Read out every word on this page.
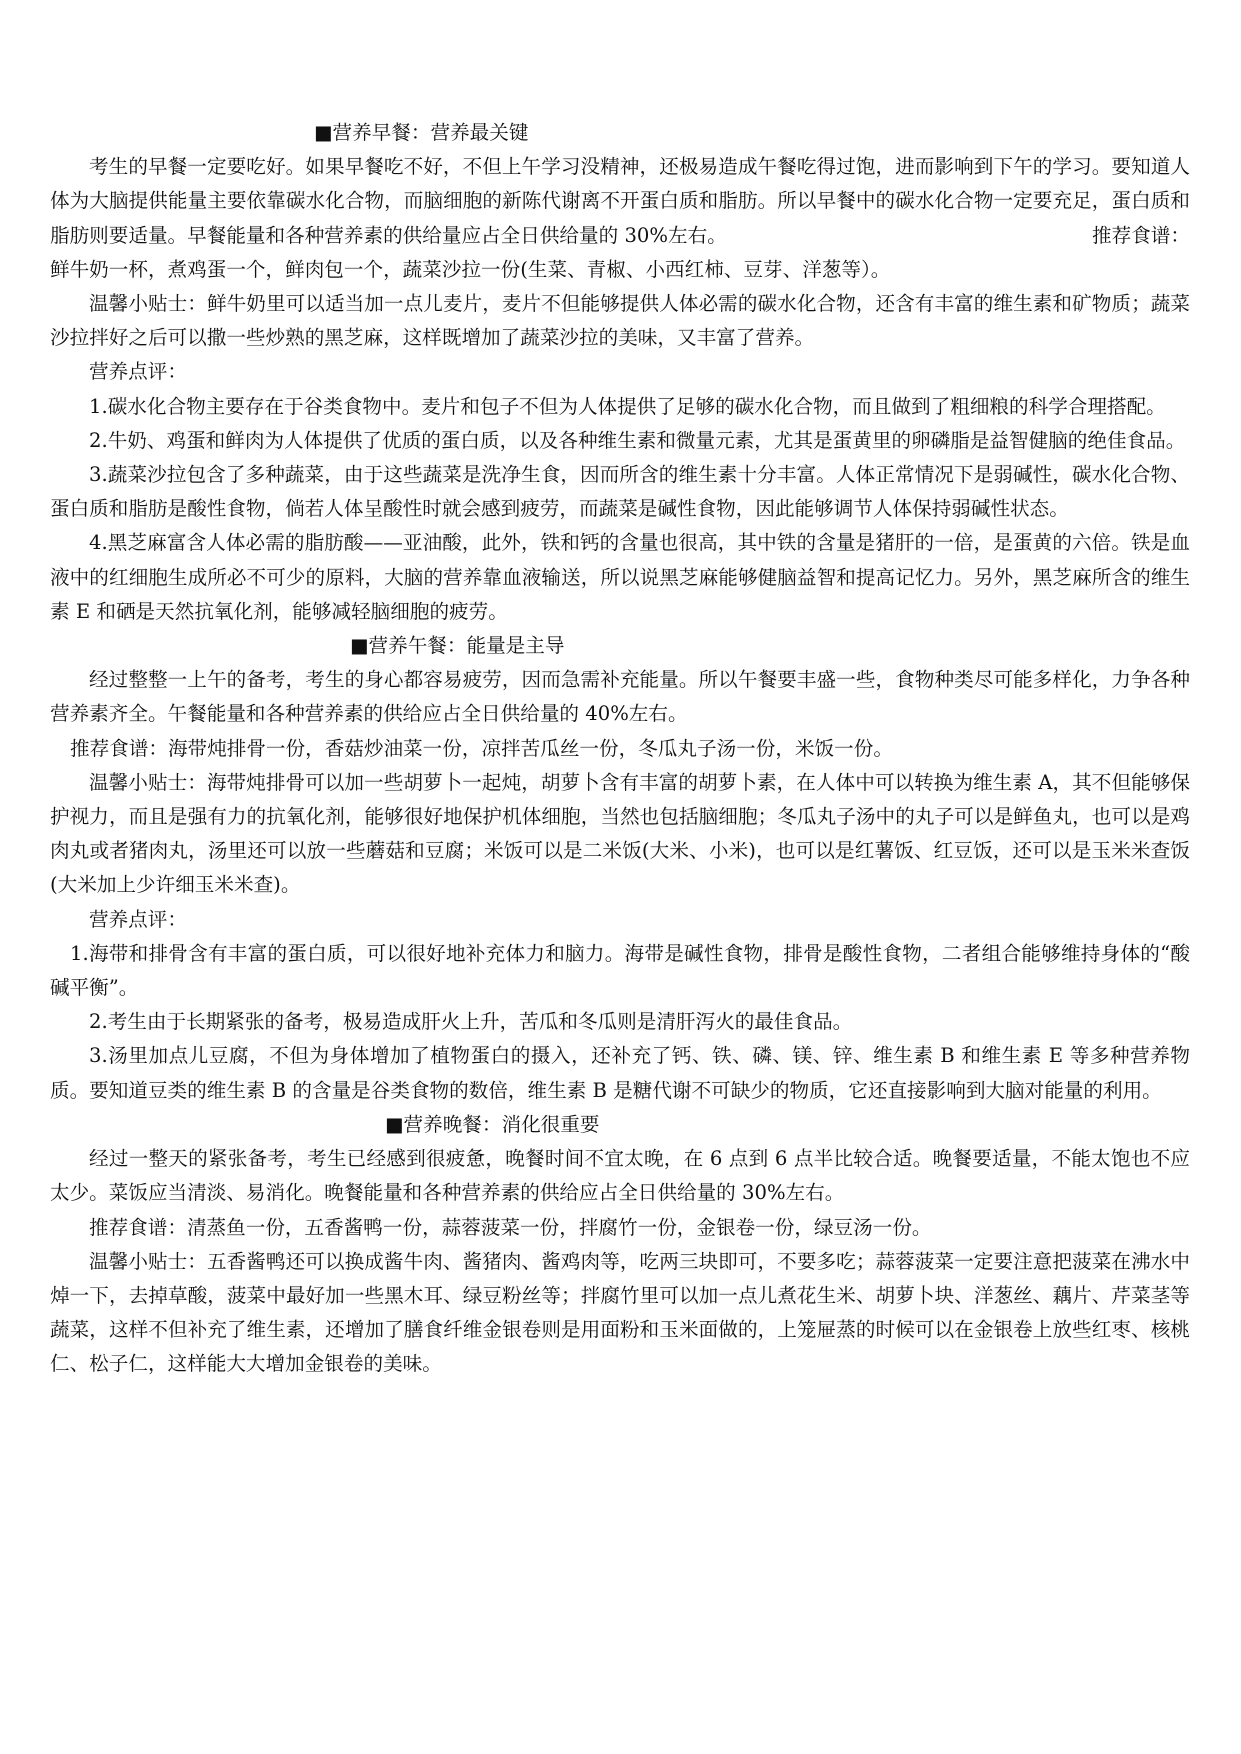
■营养早餐：营养最关键

考生的早餐一定要吃好。如果早餐吃不好，不但上午学习没精神，还极易造成午餐吃得过饱，进而影响到下午的学习。要知道人体为大脑提供能量主要依靠碳水化合物，而脑细胞的新陈代谢离不开蛋白质和脂肪。所以早餐中的碳水化合物一定要充足，蛋白质和脂肪则要适量。早餐能量和各种营养素的供给量应占全日供给量的 30%左右。	推荐食谱：

鲜牛奶一杯，煮鸡蛋一个，鲜肉包一个，蔬菜沙拉一份(生菜、青椒、小西红柿、豆芽、洋葱等）。

温馨小贴士：鲜牛奶里可以适当加一点儿麦片，麦片不但能够提供人体必需的碳水化合物，还含有丰富的维生素和矿物质；蔬菜沙拉拌好之后可以撒一些炒熟的黑芝麻，这样既增加了蔬菜沙拉的美味，又丰富了营养。

营养点评：

1.碳水化合物主要存在于谷类食物中。麦片和包子不但为人体提供了足够的碳水化合物，而且做到了粗细粮的科学合理搭配。

2.牛奶、鸡蛋和鲜肉为人体提供了优质的蛋白质，以及各种维生素和微量元素，尤其是蛋黄里的卵磷脂是益智健脑的绝佳食品。

3.蔬菜沙拉包含了多种蔬菜，由于这些蔬菜是洗净生食，因而所含的维生素十分丰富。人体正常情况下是弱碱性，碳水化合物、蛋白质和脂肪是酸性食物，倘若人体呈酸性时就会感到疲劳，而蔬菜是碱性食物，因此能够调节人体保持弱碱性状态。

4.黑芝麻富含人体必需的脂肪酸——亚油酸，此外，铁和钙的含量也很高，其中铁的含量是猪肝的一倍，是蛋黄的六倍。铁是血液中的红细胞生成所必不可少的原料，大脑的营养靠血液输送，所以说黑芝麻能够健脑益智和提高记忆力。另外，黑芝麻所含的维生素 E 和硒是天然抗氧化剂，能够减轻脑细胞的疲劳。

■营养午餐：能量是主导

经过整整一上午的备考，考生的身心都容易疲劳，因而急需补充能量。所以午餐要丰盛一些，食物种类尽可能多样化，力争各种营养素齐全。午餐能量和各种营养素的供给应占全日供给量的 40%左右。

推荐食谱：海带炖排骨一份，香菇炒油菜一份，凉拌苦瓜丝一份，冬瓜丸子汤一份，米饭一份。

温馨小贴士：海带炖排骨可以加一些胡萝卜一起炖，胡萝卜含有丰富的胡萝卜素，在人体中可以转换为维生素 A，其不但能够保护视力，而且是强有力的抗氧化剂，能够很好地保护机体细胞，当然也包括脑细胞；冬瓜丸子汤中的丸子可以是鲜鱼丸，也可以是鸡肉丸或者猪肉丸，汤里还可以放一些蘑菇和豆腐；米饭可以是二米饭(大米、小米)，也可以是红薯饭、红豆饭，还可以是玉米米查饭(大米加上少许细玉米米查)。

营养点评：

1.海带和排骨含有丰富的蛋白质，可以很好地补充体力和脑力。海带是碱性食物，排骨是酸性食物，二者组合能够维持身体的“酸碱平衡”。

2.考生由于长期紧张的备考，极易造成肝火上升，苦瓜和冬瓜则是清肝泻火的最佳食品。

3.汤里加点儿豆腐，不但为身体增加了植物蛋白的摄入，还补充了钙、铁、磷、镁、锌、维生素 B 和维生素 E 等多种营养物质。要知道豆类的维生素 B 的含量是谷类食物的数倍，维生素 B 是糖代谢不可缺少的物质，它还直接影响到大脑对能量的利用。

■营养晚餐：消化很重要

经过一整天的紧张备考，考生已经感到很疲惫，晚餐时间不宜太晚，在 6 点到 6 点半比较合适。晚餐要适量，不能太饱也不应太少。菜饭应当清淡、易消化。晚餐能量和各种营养素的供给应占全日供给量的 30%左右。

推荐食谱：清蒸鱼一份，五香酱鸭一份，蒜蓉菠菜一份，拌腐竹一份，金银卷一份，绿豆汤一份。

温馨小贴士：五香酱鸭还可以换成酱牛肉、酱猪肉、酱鸡肉等，吃两三块即可，不要多吃；蒜蓉菠菜一定要注意把菠菜在沸水中焯一下，去掉草酸，菠菜中最好加一些黑木耳、绿豆粉丝等；拌腐竹里可以加一点儿煮花生米、胡萝卜块、洋葱丝、藕片、芹菜茎等蔬菜，这样不但补充了维生素，还增加了膳食纤维金银卷则是用面粉和玉米面做的，上笼屉蒸的时候可以在金银卷上放些红枣、核桃仁、松子仁，这样能大大增加金银卷的美味。
